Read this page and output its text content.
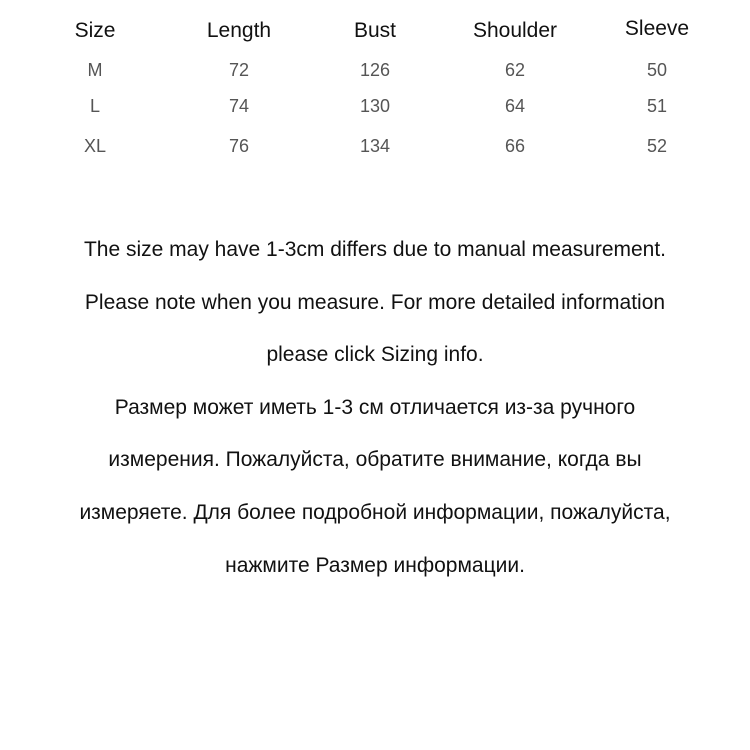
Size	Length	Bust	Shoulder	Sleeve
M	72	126	62	50
L	74	130	64	51
XL	76	134	66	52
The size may have 1-3cm differs due to manual measurement.
Please note when you measure. For more detailed information
please click Sizing info.
Размер может иметь 1-3 см отличается из-за ручного
измерения. Пожалуйста, обратите внимание, когда вы
измеряете. Для более подробной информации, пожалуйста,
нажмите Размер информации.
